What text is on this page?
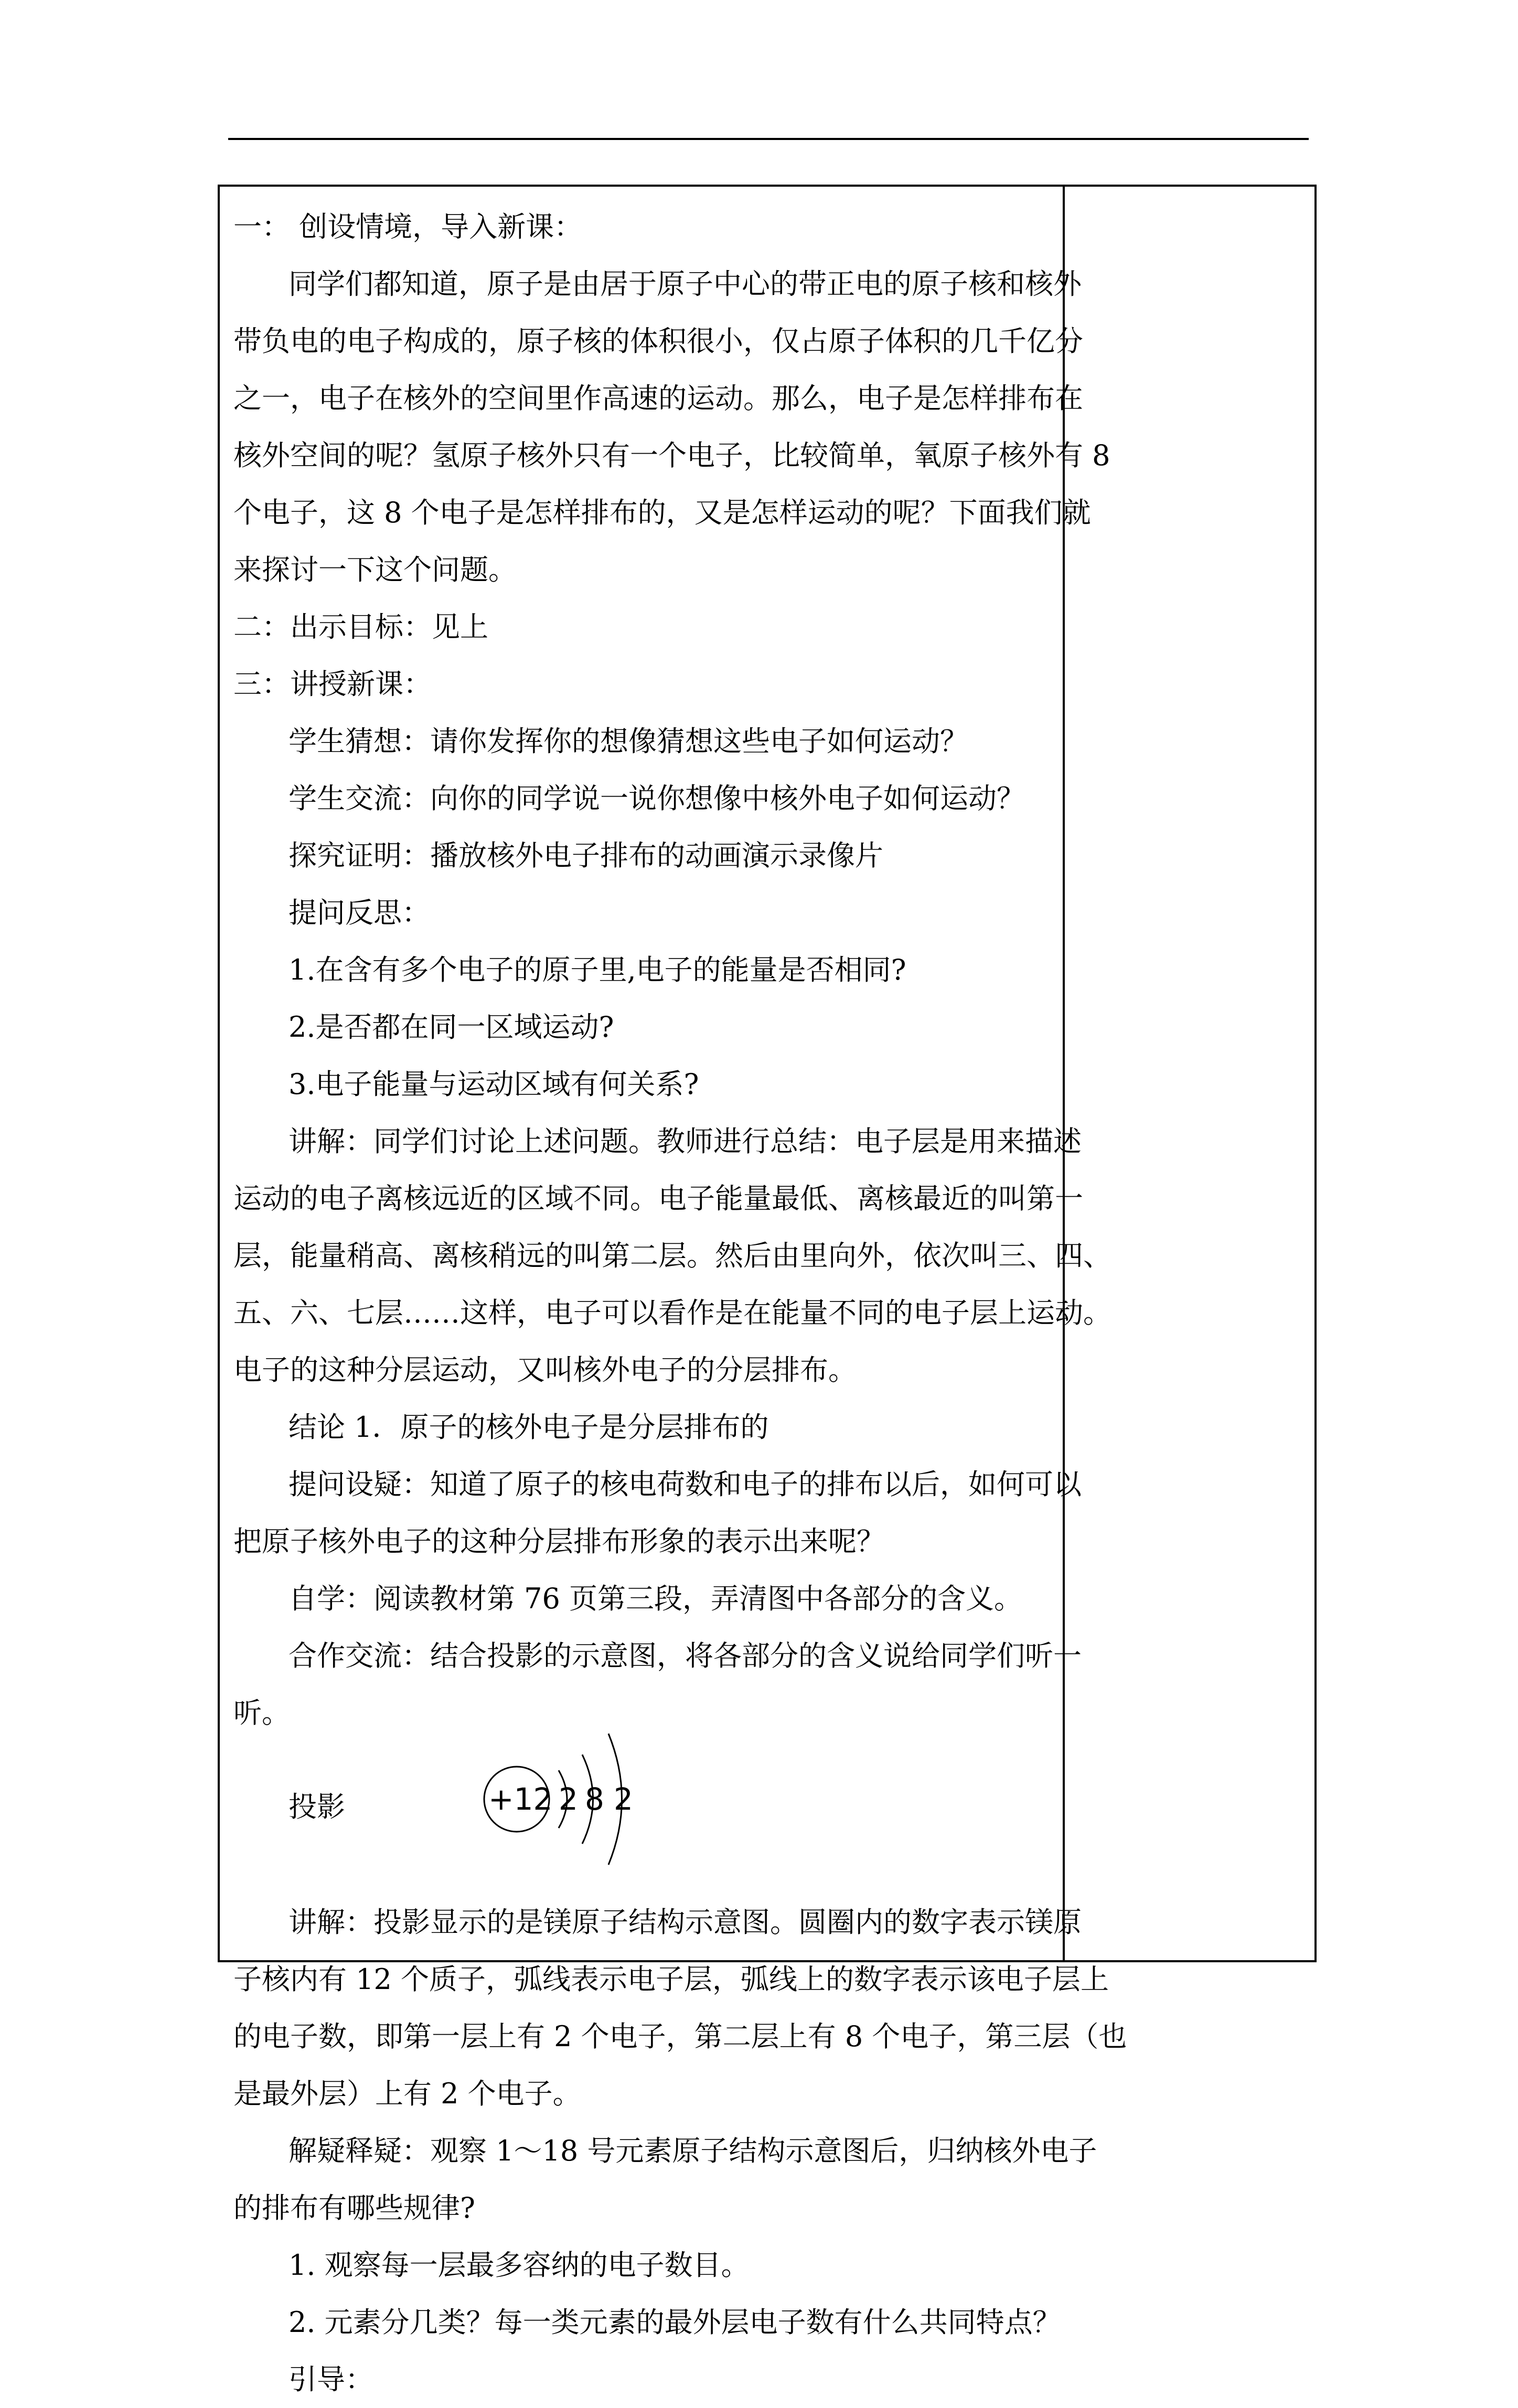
一： 创设情境，导入新课：
同学们都知道，原子是由居于原子中心的带正电的原子核和核外
带负电的电子构成的，原子核的体积很小，仅占原子体积的几千亿分
之一，电子在核外的空间里作高速的运动。那么，电子是怎样排布在
核外空间的呢？氢原子核外只有一个电子，比较简单，氧原子核外有 8
个电子，这 8 个电子是怎样排布的，又是怎样运动的呢？下面我们就
来探讨一下这个问题。
二：出示目标：见上
三：讲授新课：
学生猜想：请你发挥你的想像猜想这些电子如何运动？
学生交流：向你的同学说一说你想像中核外电子如何运动？
探究证明：播放核外电子排布的动画演示录像片
提问反思：
1.在含有多个电子的原子里,电子的能量是否相同?
2.是否都在同一区域运动?
3.电子能量与运动区域有何关系?
讲解：同学们讨论上述问题。教师进行总结：电子层是用来描述
运动的电子离核远近的区域不同。电子能量最低、离核最近的叫第一
层，能量稍高、离核稍远的叫第二层。然后由里向外，依次叫三、四、
五、六、七层……这样，电子可以看作是在能量不同的电子层上运动。
电子的这种分层运动，又叫核外电子的分层排布。
结论 1．原子的核外电子是分层排布的
提问设疑：知道了原子的核电荷数和电子的排布以后，如何可以
把原子核外电子的这种分层排布形象的表示出来呢？
自学：阅读教材第 76 页第三段，弄清图中各部分的含义。
合作交流：结合投影的示意图，将各部分的含义说给同学们听一
听。
投影	+12 2 8 2
讲解：投影显示的是镁原子结构示意图。圆圈内的数字表示镁原
子核内有 12 个质子，弧线表示电子层，弧线上的数字表示该电子层上
的电子数，即第一层上有 2 个电子，第二层上有 8 个电子，第三层（也
是最外层）上有 2 个电子。
解疑释疑：观察 1～18 号元素原子结构示意图后，归纳核外电子
的排布有哪些规律?
1. 观察每一层最多容纳的电子数目。
2. 元素分几类？每一类元素的最外层电子数有什么共同特点？
引导：
